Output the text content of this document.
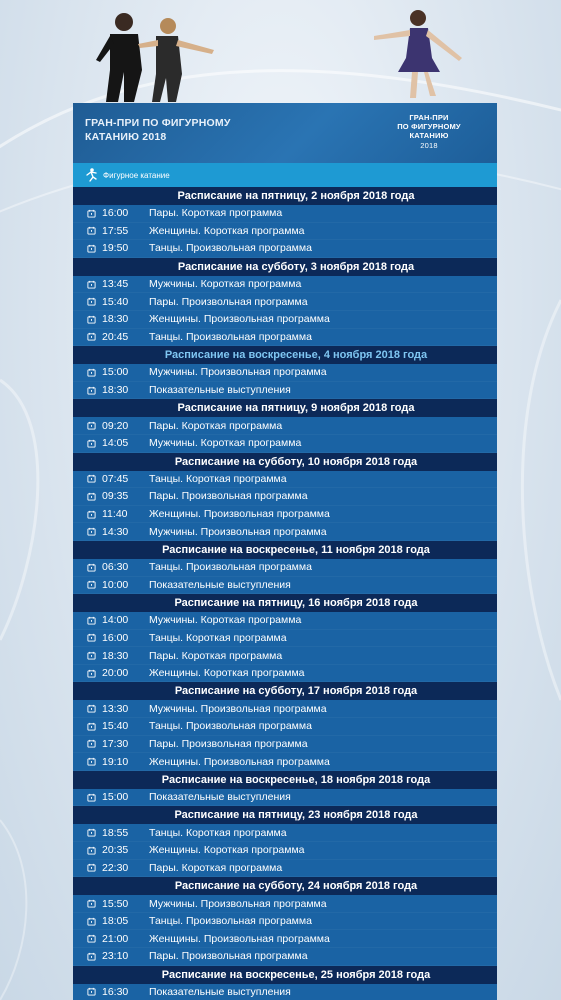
ГРАН-ПРИ ПО ФИГУРНОМУ
КАТАНИЮ 2018
ГРАН-ПРИ
ПО ФИГУРНОМУ
КАТАНИЮ
2018
Фигурное катание
Расписание на пятницу, 2 ноября 2018 года
16:00	Пары. Короткая программа
17:55	Женщины. Короткая программа
19:50	Танцы. Произвольная программа
Расписание на субботу, 3 ноября 2018 года
13:45	Мужчины. Короткая программа
15:40	Пары. Произвольная программа
18:30	Женщины. Произвольная программа
20:45	Танцы. Произвольная программа
Расписание на воскресенье, 4 ноября 2018 года
15:00	Мужчины. Произвольная программа
18:30	Показательные выступления
Расписание на пятницу, 9 ноября 2018 года
09:20	Пары. Короткая программа
14:05	Мужчины. Короткая программа
Расписание на субботу, 10 ноября 2018 года
07:45	Танцы. Короткая программа
09:35	Пары. Произвольная программа
11:40	Женщины. Произвольная программа
14:30	Мужчины. Произвольная программа
Расписание на воскресенье, 11 ноября 2018 года
06:30	Танцы. Произвольная программа
10:00	Показательные выступления
Расписание на пятницу, 16 ноября 2018 года
14:00	Мужчины. Короткая программа
16:00	Танцы. Короткая программа
18:30	Пары. Короткая программа
20:00	Женщины. Короткая программа
Расписание на субботу, 17 ноября 2018 года
13:30	Мужчины. Произвольная программа
15:40	Танцы. Произвольная программа
17:30	Пары. Произвольная программа
19:10	Женщины. Произвольная программа
Расписание на воскресенье, 18 ноября 2018 года
15:00	Показательные выступления
Расписание на пятницу, 23 ноября 2018 года
18:55	Танцы. Короткая программа
20:35	Женщины. Короткая программа
22:30	Пары. Короткая программа
Расписание на субботу, 24 ноября 2018 года
15:50	Мужчины. Произвольная программа
18:05	Танцы. Произвольная программа
21:00	Женщины. Произвольная программа
23:10	Пары. Произвольная программа
Расписание на воскресенье, 25 ноября 2018 года
16:30	Показательные выступления
